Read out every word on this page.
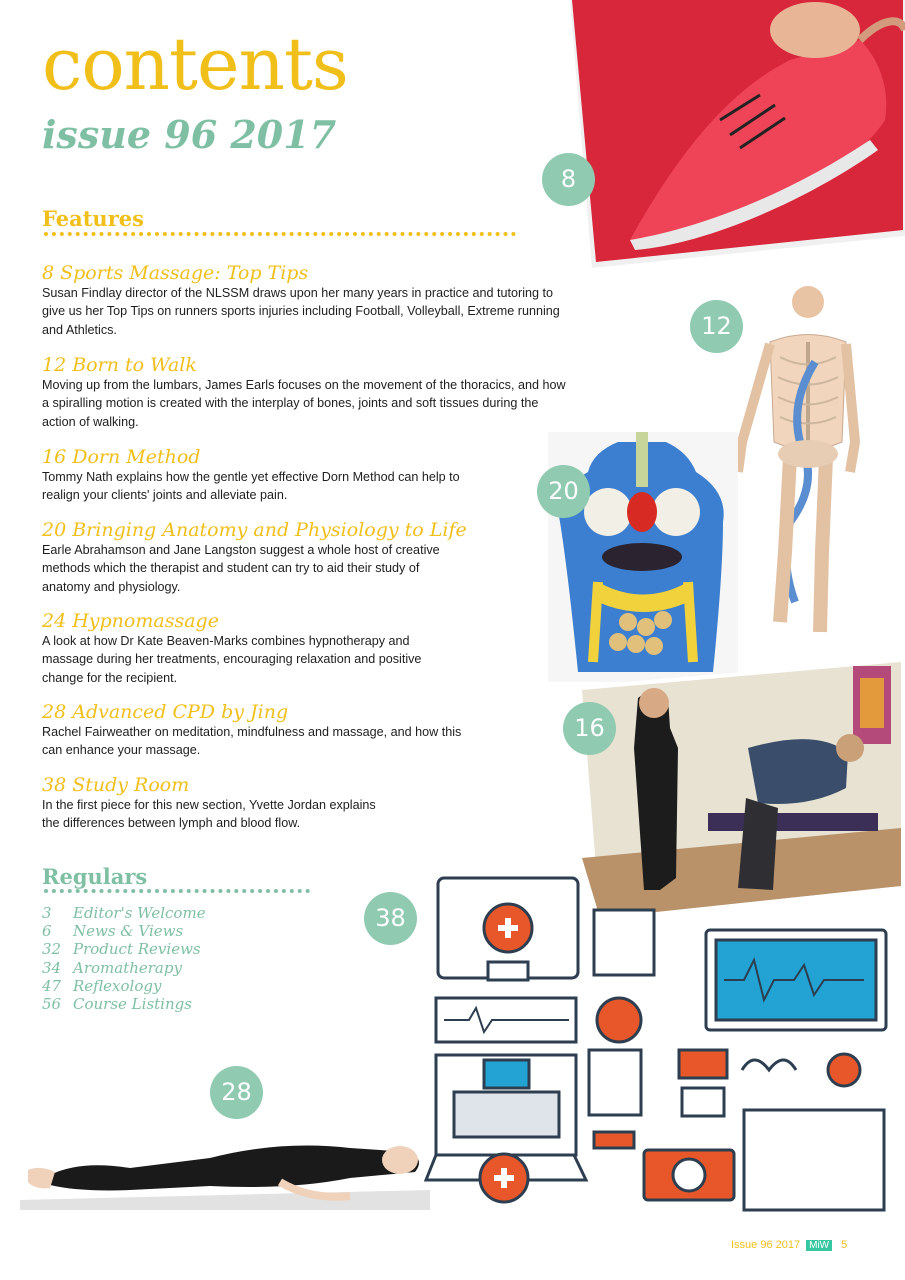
contents
issue 96 2017
Features
8 Sports Massage: Top Tips

Susan Findlay director of the NLSSM draws upon her many years in practice and tutoring to give us her Top Tips on runners sports injuries including Football, Volleyball, Extreme running and Athletics.

12 Born to Walk

Moving up from the lumbars, James Earls focuses on the movement of the thoracics, and how a spiralling motion is created with the interplay of bones, joints and soft tissues during the action of walking.

16 Dorn Method

Tommy Nath explains how the gentle yet effective Dorn Method can help to realign your clients' joints and alleviate pain.

20 Bringing Anatomy and Physiology to Life

Earle Abrahamson and Jane Langston suggest a whole host of creative methods which the therapist and student can try to aid their study of anatomy and physiology.

24 Hypnomassage

A look at how Dr Kate Beaven-Marks combines hypnotherapy and massage during her treatments, encouraging relaxation and positive change for the recipient.

28 Advanced CPD by Jing

Rachel Fairweather on meditation, mindfulness and massage, and how this can enhance your massage.

38 Study Room

In the first piece for this new section, Yvette Jordan explains the differences between lymph and blood flow.

Regulars
3 Editor's Welcome
6 News & Views
32 Product Reviews
34 Aromatherapy
47 Reflexology
56 Course Listings
8
12
20
16
38
28
Issue 96 2017 MiW 5
